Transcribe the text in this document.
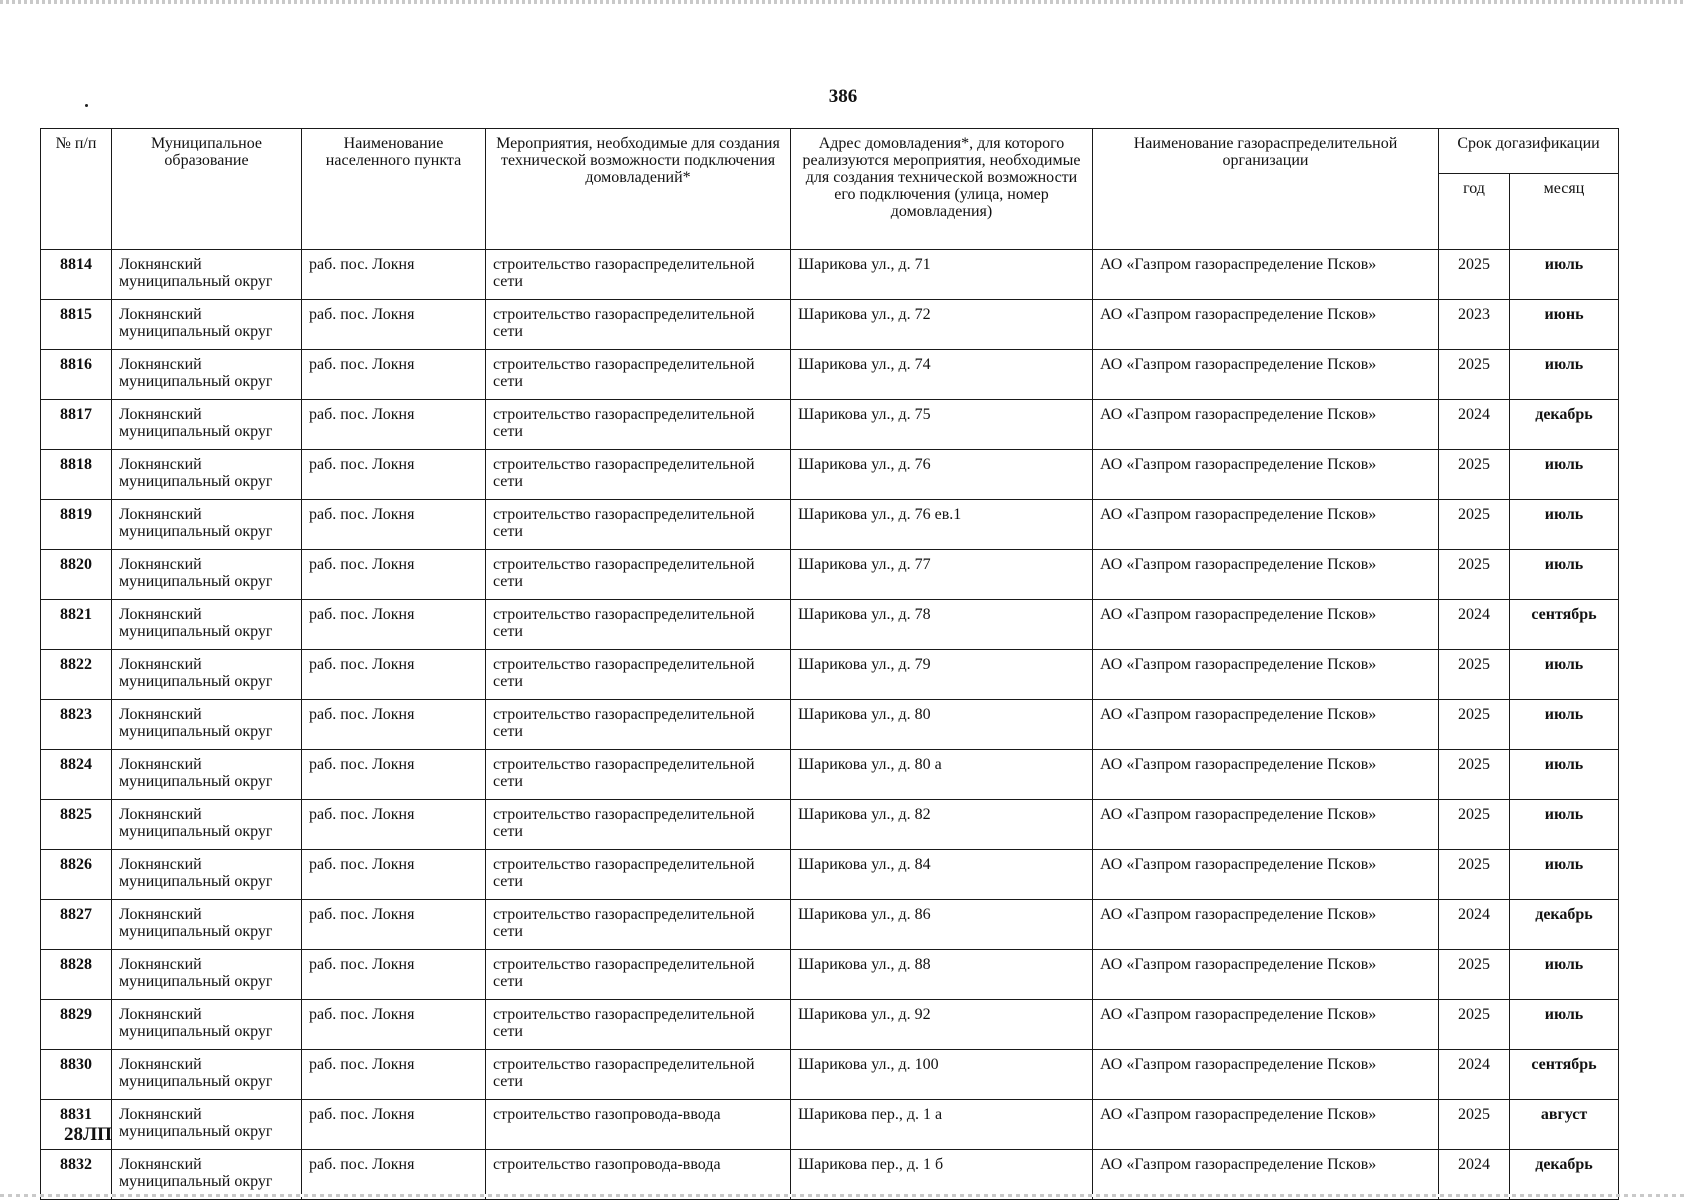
386
№ п/п	Муниципальное образование	Наименование населенного пункта	Мероприятия, необходимые для создания технической возможности подключения домовладений*	Адрес домовладения*, для которого реализуются мероприятия, необходимые для создания технической возможности его подключения (улица, номер домовладения)	Наименование газораспределительной организации	Срок догазификации	
						год	месяц
8814	Локнянский муниципальный округ	раб. пос. Локня	строительство газораспределительной сети	Шарикова ул., д. 71	АО «Газпром газораспределение Псков»	2025	июль
8815	Локнянский муниципальный округ	раб. пос. Локня	строительство газораспределительной сети	Шарикова ул., д. 72	АО «Газпром газораспределение Псков»	2023	июнь
8816	Локнянский муниципальный округ	раб. пос. Локня	строительство газораспределительной сети	Шарикова ул., д. 74	АО «Газпром газораспределение Псков»	2025	июль
8817	Локнянский муниципальный округ	раб. пос. Локня	строительство газораспределительной сети	Шарикова ул., д. 75	АО «Газпром газораспределение Псков»	2024	декабрь
8818	Локнянский муниципальный округ	раб. пос. Локня	строительство газораспределительной сети	Шарикова ул., д. 76	АО «Газпром газораспределение Псков»	2025	июль
8819	Локнянский муниципальный округ	раб. пос. Локня	строительство газораспределительной сети	Шарикова ул., д. 76 ев.1	АО «Газпром газораспределение Псков»	2025	июль
8820	Локнянский муниципальный округ	раб. пос. Локня	строительство газораспределительной сети	Шарикова ул., д. 77	АО «Газпром газораспределение Псков»	2025	июль
8821	Локнянский муниципальный округ	раб. пос. Локня	строительство газораспределительной сети	Шарикова ул., д. 78	АО «Газпром газораспределение Псков»	2024	сентябрь
8822	Локнянский муниципальный округ	раб. пос. Локня	строительство газораспределительной сети	Шарикова ул., д. 79	АО «Газпром газораспределение Псков»	2025	июль
8823	Локнянский муниципальный округ	раб. пос. Локня	строительство газораспределительной сети	Шарикова ул., д. 80	АО «Газпром газораспределение Псков»	2025	июль
8824	Локнянский муниципальный округ	раб. пос. Локня	строительство газораспределительной сети	Шарикова ул., д. 80 а	АО «Газпром газораспределение Псков»	2025	июль
8825	Локнянский муниципальный округ	раб. пос. Локня	строительство газораспределительной сети	Шарикова ул., д. 82	АО «Газпром газораспределение Псков»	2025	июль
8826	Локнянский муниципальный округ	раб. пос. Локня	строительство газораспределительной сети	Шарикова ул., д. 84	АО «Газпром газораспределение Псков»	2025	июль
8827	Локнянский муниципальный округ	раб. пос. Локня	строительство газораспределительной сети	Шарикова ул., д. 86	АО «Газпром газораспределение Псков»	2024	декабрь
8828	Локнянский муниципальный округ	раб. пос. Локня	строительство газораспределительной сети	Шарикова ул., д. 88	АО «Газпром газораспределение Псков»	2025	июль
8829	Локнянский муниципальный округ	раб. пос. Локня	строительство газораспределительной сети	Шарикова ул., д. 92	АО «Газпром газораспределение Псков»	2025	июль
8830	Локнянский муниципальный округ	раб. пос. Локня	строительство газораспределительной сети	Шарикова ул., д. 100	АО «Газпром газораспределение Псков»	2024	сентябрь
8831	Локнянский муниципальный округ	раб. пос. Локня	строительство газопровода-ввода	Шарикова пер., д. 1 а	АО «Газпром газораспределение Псков»	2025	август
8832	Локнянский муниципальный округ	раб. пос. Локня	строительство газопровода-ввода	Шарикова пер., д. 1 б	АО «Газпром газораспределение Псков»	2024	декабрь
28ЛП
